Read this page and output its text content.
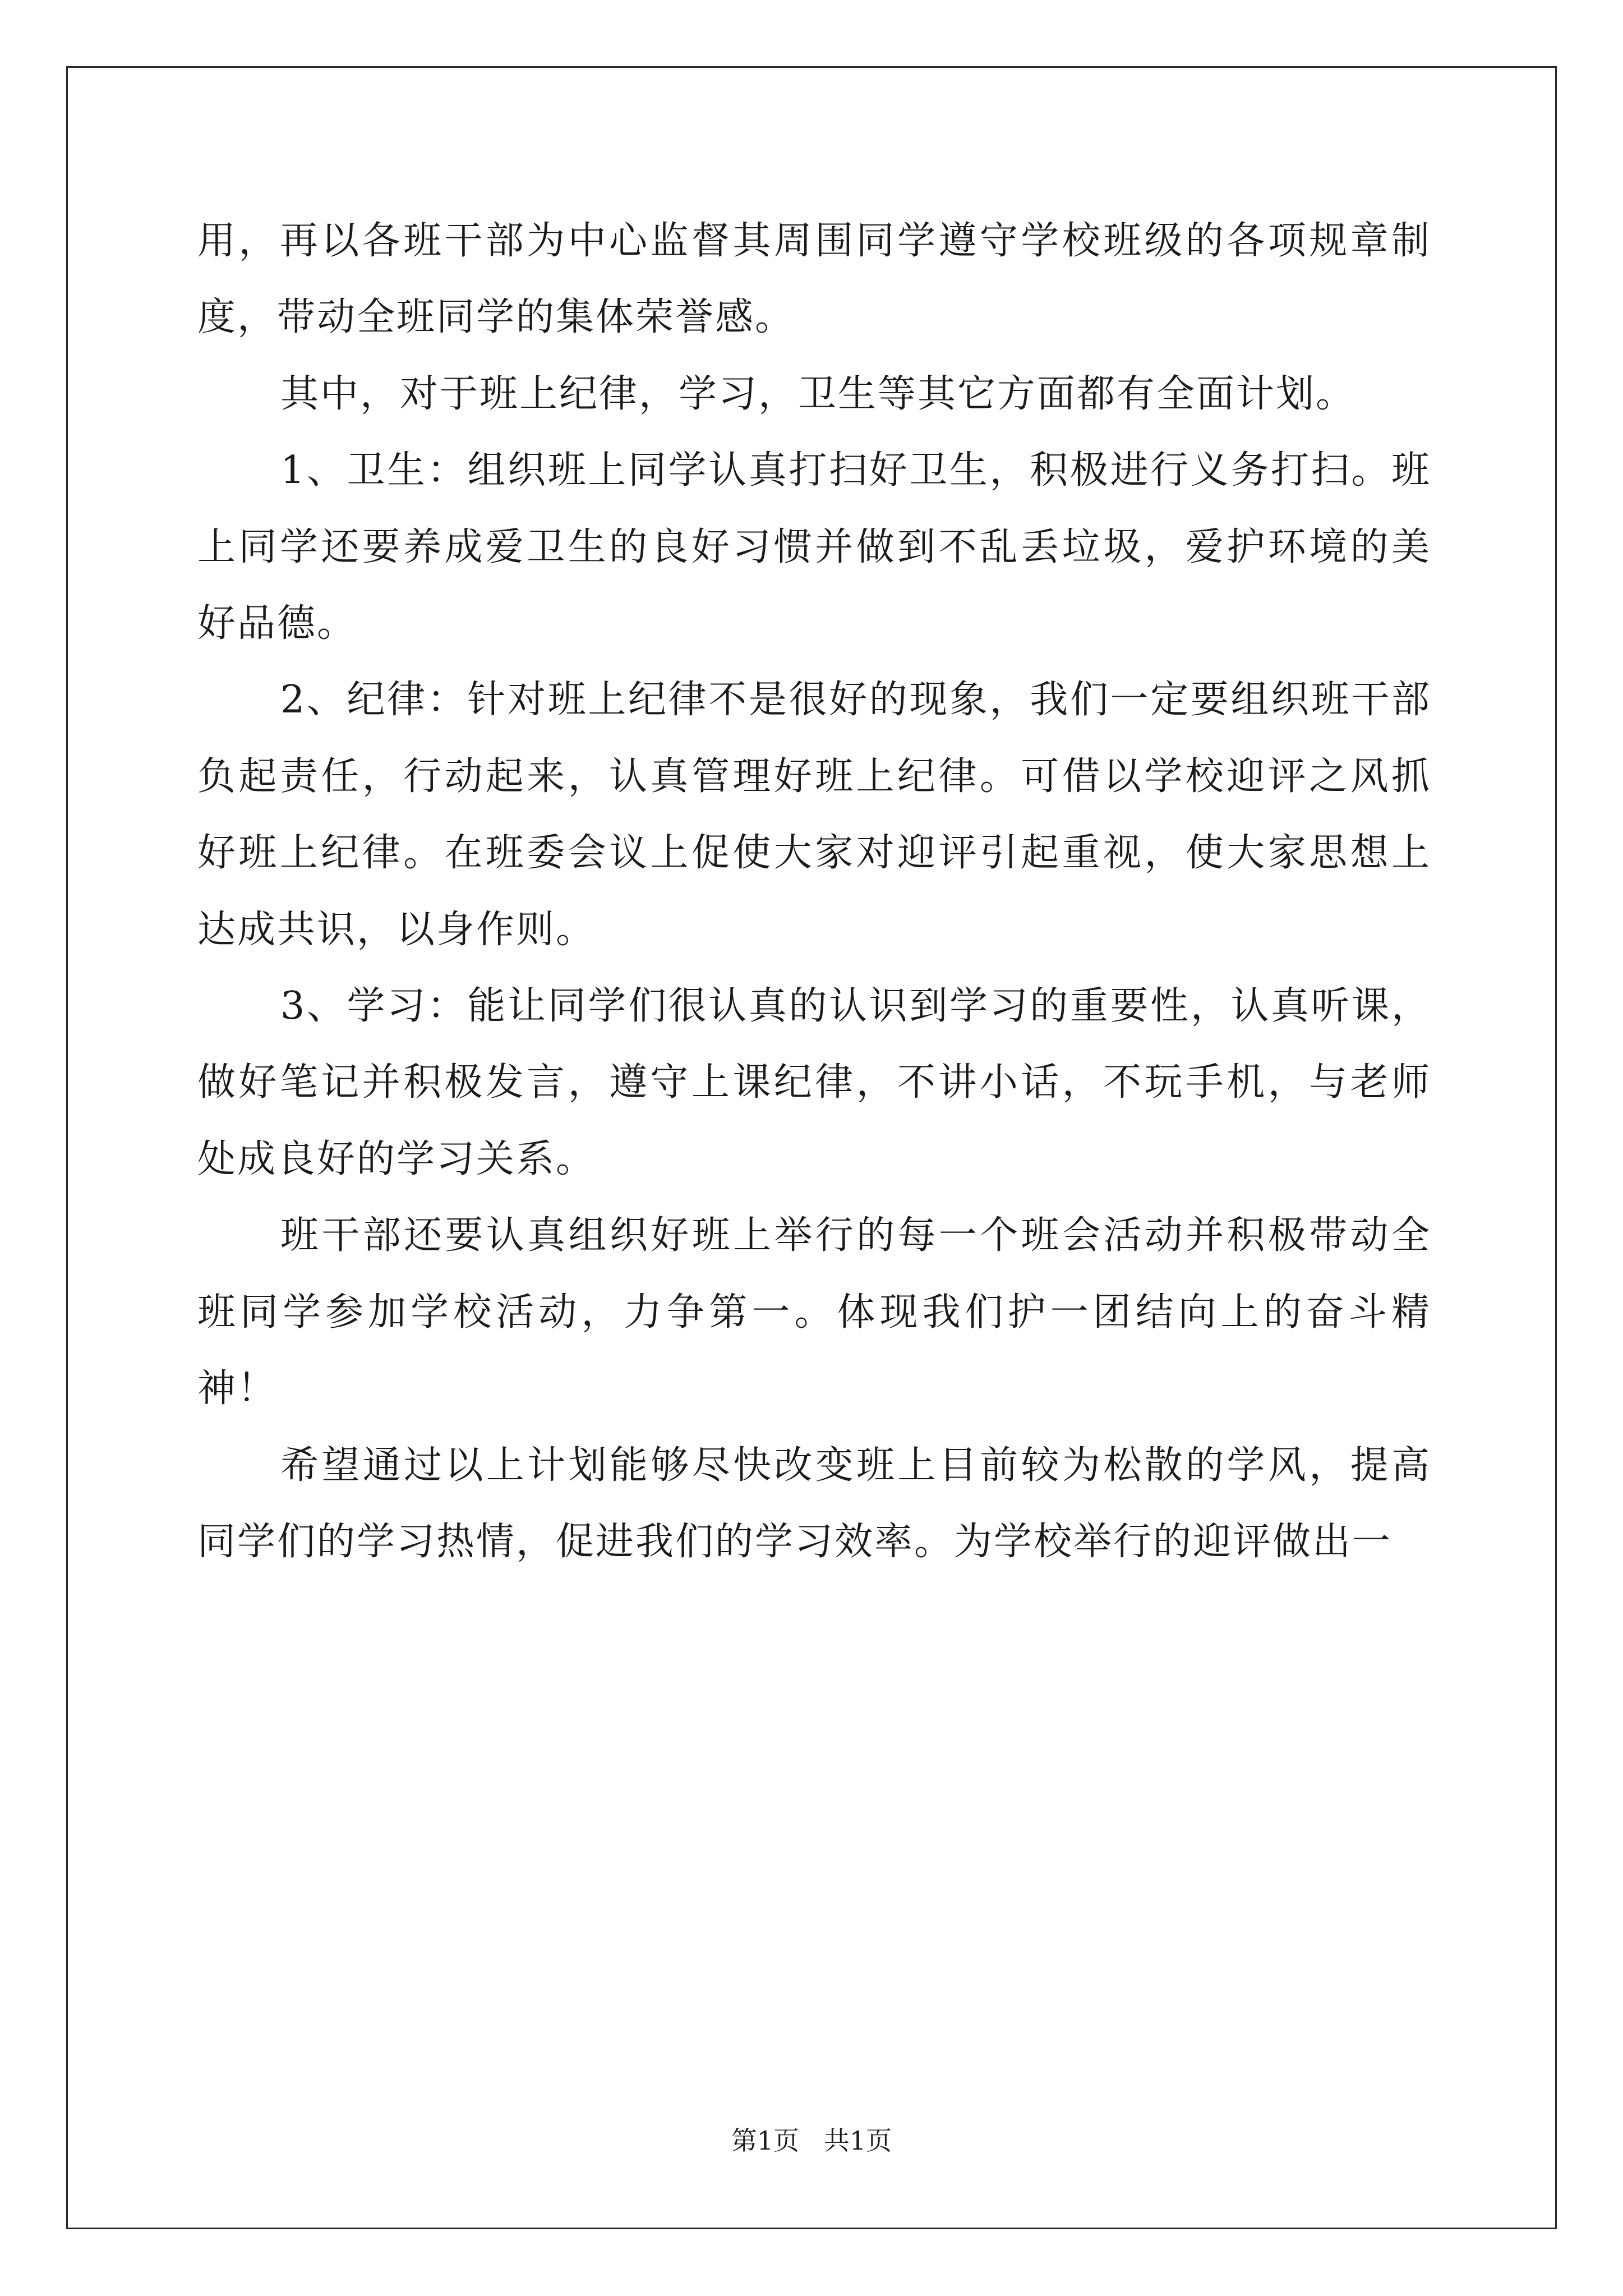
用，再以各班干部为中心监督其周围同学遵守学校班级的各项规章制度，带动全班同学的集体荣誉感。

其中，对于班上纪律，学习，卫生等其它方面都有全面计划。

1、卫生：组织班上同学认真打扫好卫生，积极进行义务打扫。班上同学还要养成爱卫生的良好习惯并做到不乱丢垃圾，爱护环境的美好品德。

2、纪律：针对班上纪律不是很好的现象，我们一定要组织班干部负起责任，行动起来，认真管理好班上纪律。可借以学校迎评之风抓好班上纪律。在班委会议上促使大家对迎评引起重视，使大家思想上达成共识，以身作则。

3、学习：能让同学们很认真的认识到学习的重要性，认真听课，做好笔记并积极发言，遵守上课纪律，不讲小话，不玩手机，与老师处成良好的学习关系。

班干部还要认真组织好班上举行的每一个班会活动并积极带动全班同学参加学校活动，力争第一。体现我们护一团结向上的奋斗精神！

希望通过以上计划能够尽快改变班上目前较为松散的学风，提高同学们的学习热情，促进我们的学习效率。为学校举行的迎评做出一

第1页   共1页
